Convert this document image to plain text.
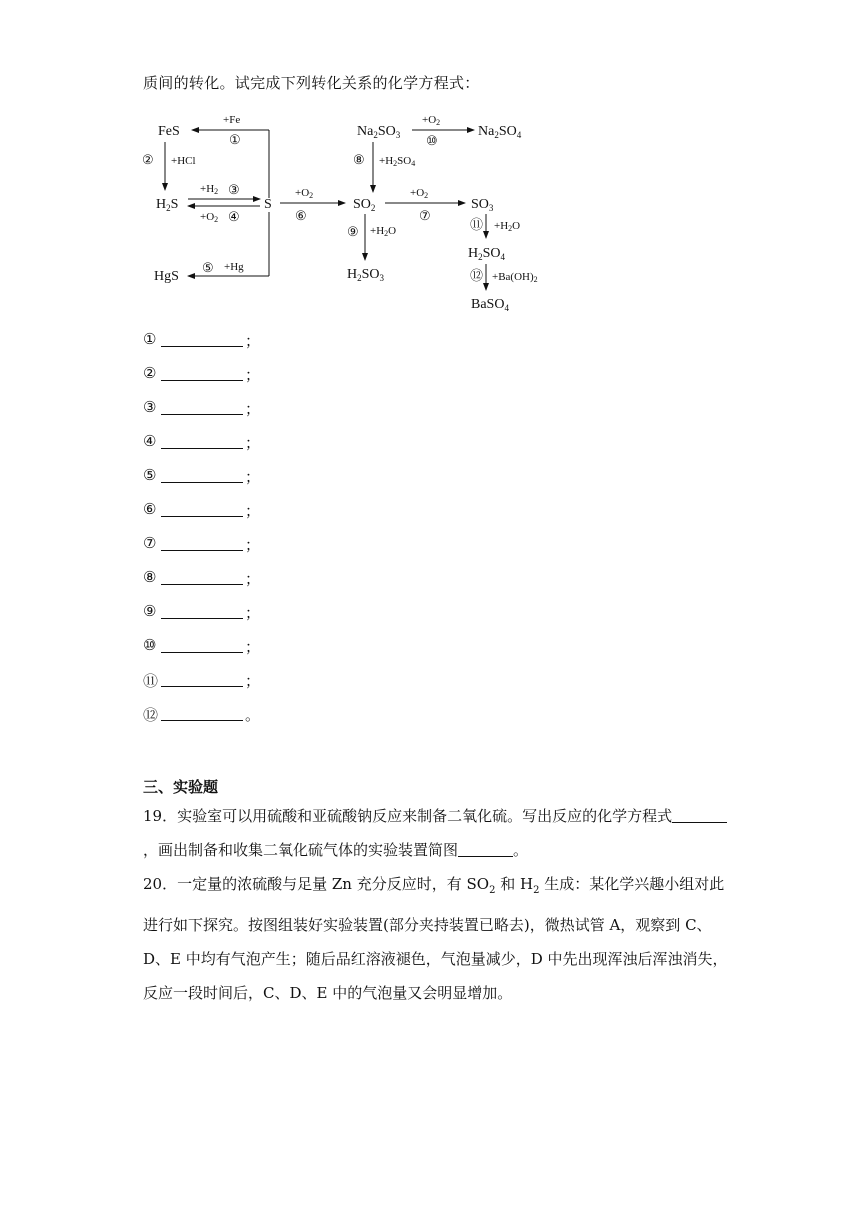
质间的转化。试完成下列转化关系的化学方程式：
FeS
$H_2S$
HgS
S	$SO_2$
$H_2SO_3$
$Na_2SO_3$	$Na_2SO_4$
$SO_3$
$H_2SO_4$
BaSO$_4$
+Fe
①
② +HCl
+H2 ③
+O2 ④
⑤ +Hg
+O2
⑥
+O2
⑦
⑧ +H2SO4
⑨ +H2O
+O2
⑩
⑪ +H2O
⑫ +Ba(OH)2
①	；
②	；
③	；
④	；
⑤	；
⑥	；
⑦	；
⑧	；
⑨	；
⑩	；
⑪	；
⑫	。
三、实验题
19．实验室可以用硫酸和亚硫酸钠反应来制备二氧化硫。写出反应的化学方程式，画出制备和收集二氧化硫气体的实验装置简图	。
20．一定量的浓硫酸与足量 Zn 充分反应时，有 $SO_2$ 和 $H_2$ 生成：某化学兴趣小组对此进行如下探究。按图组装好实验装置(部分夹持装置已略去)，微热试管 A，观察到 C、D、E 中均有气泡产生；随后品红溶液褪色，气泡量减少，D 中先出现浑浊后浑浊消失，反应一段时间后，C、D、E 中的气泡量又会明显增加。
